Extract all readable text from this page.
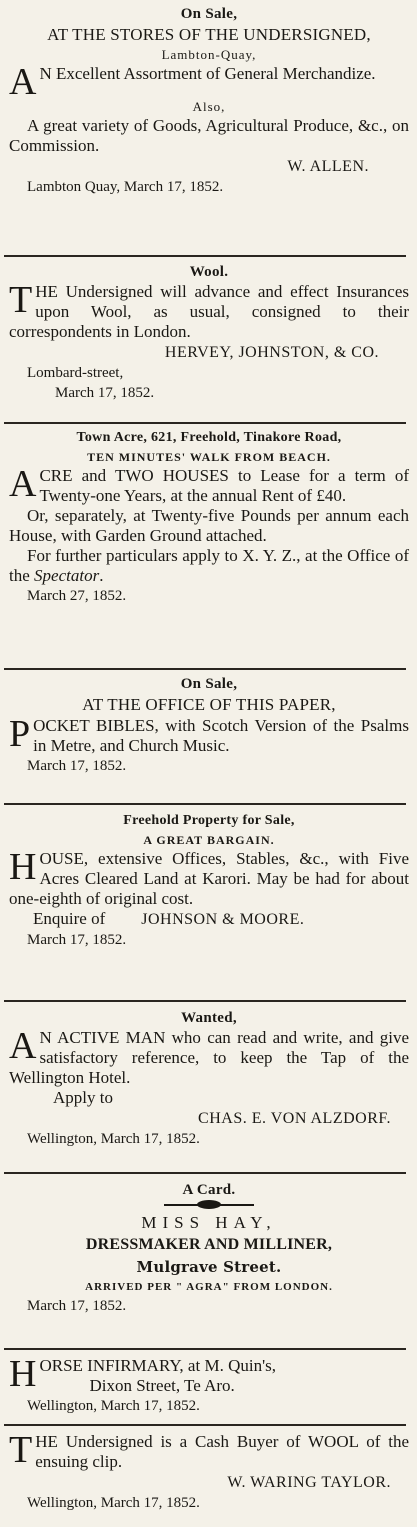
On Sale,
AT THE STORES OF THE UNDERSIGNED,
Lambton-Quay,
A N Excellent Assortment of General Merchandize.
Also,
A great variety of Goods, Agricultural Produce, &c., on Commission.
W. ALLEN.
Lambton Quay, March 17, 1852.
Wool.
THE Undersigned will advance and effect Insurances upon Wool, as usual, consigned to their correspondents in London.
HERVEY, JOHNSTON, & CO.
Lombard-street,
March 17, 1852.
Town Acre, 621, Freehold, Tinakore Road,
TEN MINUTES' WALK FROM BEACH.
ACRE and TWO HOUSES to Lease for a term of Twenty-one Years, at the annual Rent of £40.
Or, separately, at Twenty-five Pounds per annum each House, with Garden Ground attached.
For further particulars apply to X. Y. Z., at the Office of the Spectator.
March 27, 1852.
On Sale,
AT THE OFFICE OF THIS PAPER,
POCKET BIBLES, with Scotch Version of the Psalms in Metre, and Church Music.
March 17, 1852.
Freehold Property for Sale,
A GREAT BARGAIN.
HOUSE, extensive Offices, Stables, &c., with Five Acres Cleared Land at Karori. May be had for about one-eighth of original cost.
Enquire of JOHNSON & MOORE.
March 17, 1852.
Wanted,
A N ACTIVE MAN who can read and write, and give satisfactory reference, to keep the Tap of the Wellington Hotel.
Apply to
CHAS. E. VON ALZDORF.
Wellington, March 17, 1852.
A Card.
MISS HAY,
DRESSMAKER AND MILLINER,
Mulgrave Street.
ARRIVED PER " AGRA" FROM LONDON.
March 17, 1852.
HORSE INFIRMARY, at M. Quin's,
Dixon Street, Te Aro.
Wellington, March 17, 1852.
THE Undersigned is a Cash Buyer of WOOL of the ensuing clip.
W. WARING TAYLOR.
Wellington, March 17, 1852.
